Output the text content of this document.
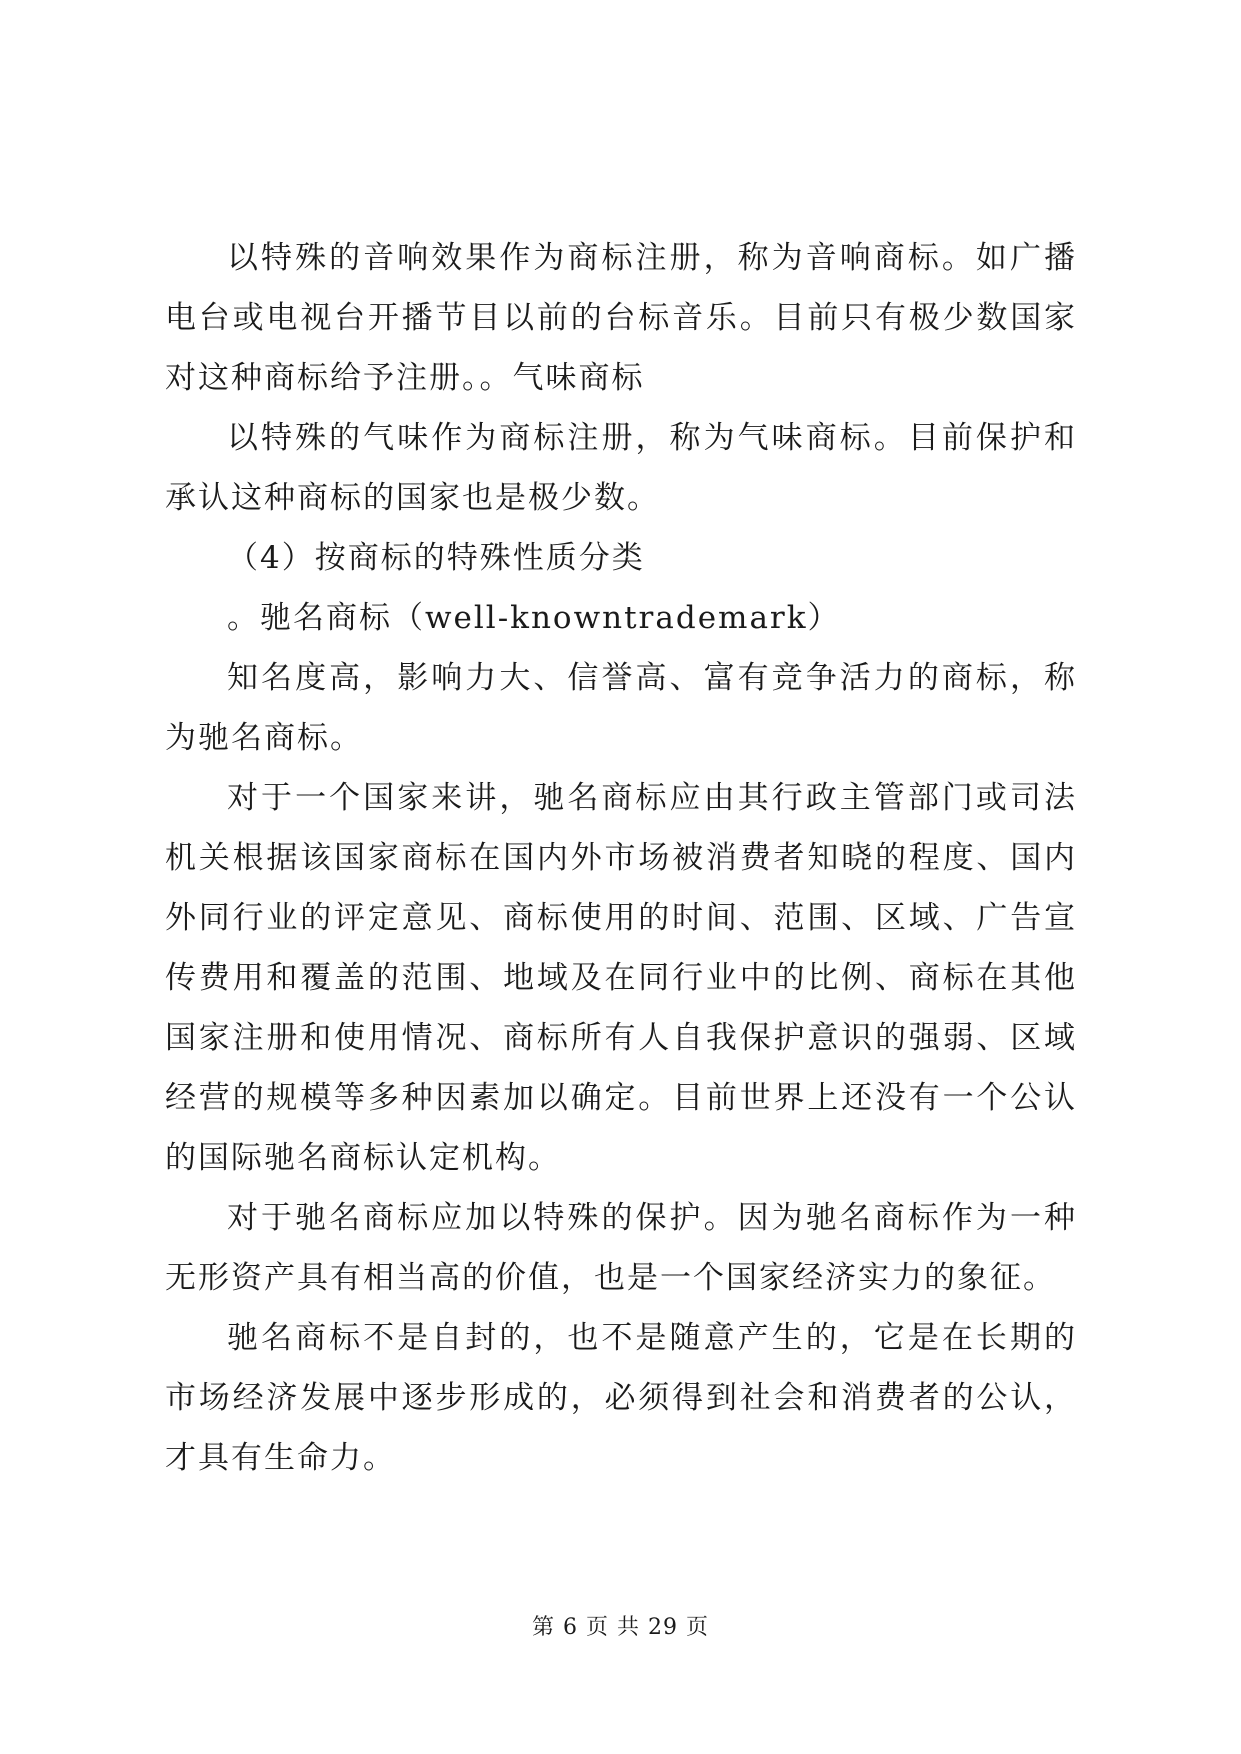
以特殊的音响效果作为商标注册，称为音响商标。如广播电台或电视台开播节目以前的台标音乐。目前只有极少数国家对这种商标给予注册。。气味商标

以特殊的气味作为商标注册，称为气味商标。目前保护和承认这种商标的国家也是极少数。

（4）按商标的特殊性质分类

。驰名商标（well-knowntrademark）

知名度高，影响力大、信誉高、富有竞争活力的商标，称为驰名商标。

对于一个国家来讲，驰名商标应由其行政主管部门或司法机关根据该国家商标在国内外市场被消费者知晓的程度、国内外同行业的评定意见、商标使用的时间、范围、区域、广告宣传费用和覆盖的范围、地域及在同行业中的比例、商标在其他国家注册和使用情况、商标所有人自我保护意识的强弱、区域经营的规模等多种因素加以确定。目前世界上还没有一个公认的国际驰名商标认定机构。

对于驰名商标应加以特殊的保护。因为驰名商标作为一种无形资产具有相当高的价值，也是一个国家经济实力的象征。

驰名商标不是自封的，也不是随意产生的，它是在长期的市场经济发展中逐步形成的，必须得到社会和消费者的公认，才具有生命力。

第 6 页 共 29 页
